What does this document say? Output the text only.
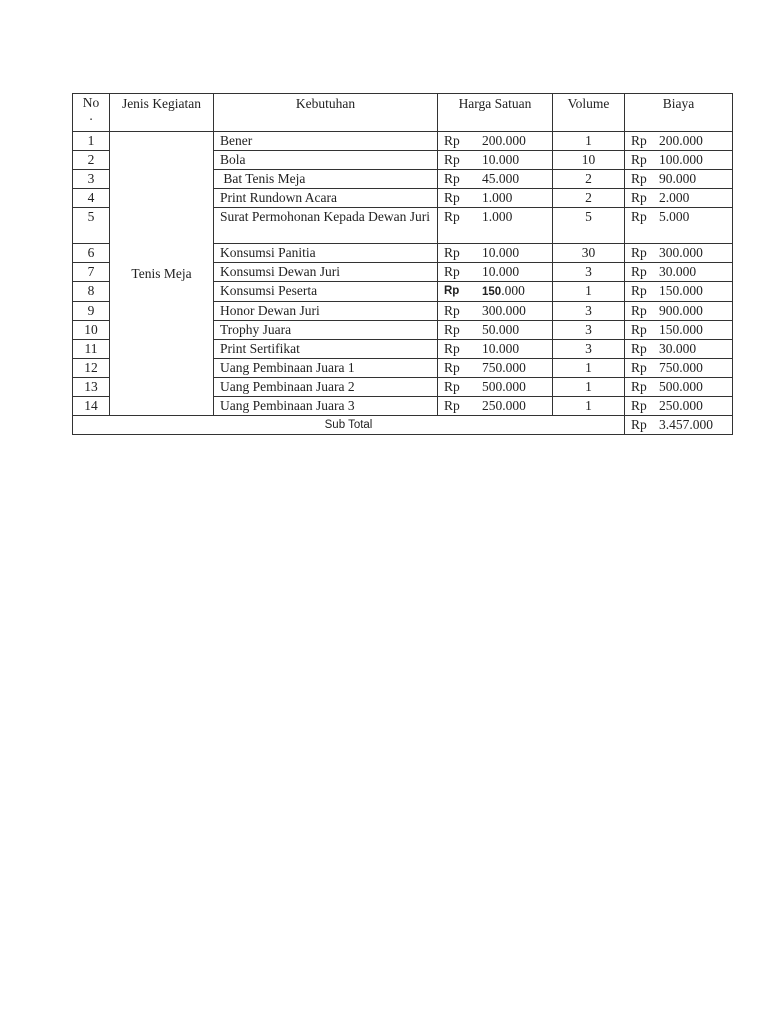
No
.	Jenis Kegiatan	Kebutuhan	Harga Satuan	Volume	Biaya
1	Tenis Meja	Bener	Rp 200.000	1	Rp 200.000

2		Bola	Rp 10.000	10	Rp 100.000

3		Bat Tenis Meja	Rp 45.000	2	Rp 90.000

4		Print Rundown Acara	Rp 1.000	2	Rp 2.000

5		Surat Permohonan Kepada Dewan Juri	Rp 1.000	5	Rp 5.000

6		Konsumsi Panitia	Rp 10.000	30	Rp 300.000

7		Konsumsi Dewan Juri	Rp 10.000	3	Rp 30.000

8		Konsumsi Peserta	Rp 150.000	1	Rp 150.000

9		Honor Dewan Juri	Rp 300.000	3	Rp 900.000

10		Trophy Juara	Rp 50.000	3	Rp 150.000

11		Print Sertifikat	Rp 10.000	3	Rp 30.000

12		Uang Pembinaan Juara 1	Rp 750.000	1	Rp 750.000

13		Uang Pembinaan Juara 2	Rp 500.000	1	Rp 500.000

14		Uang Pembinaan Juara 3	Rp 250.000	1	Rp 250.000

Sub Total					Rp 3.457.000
